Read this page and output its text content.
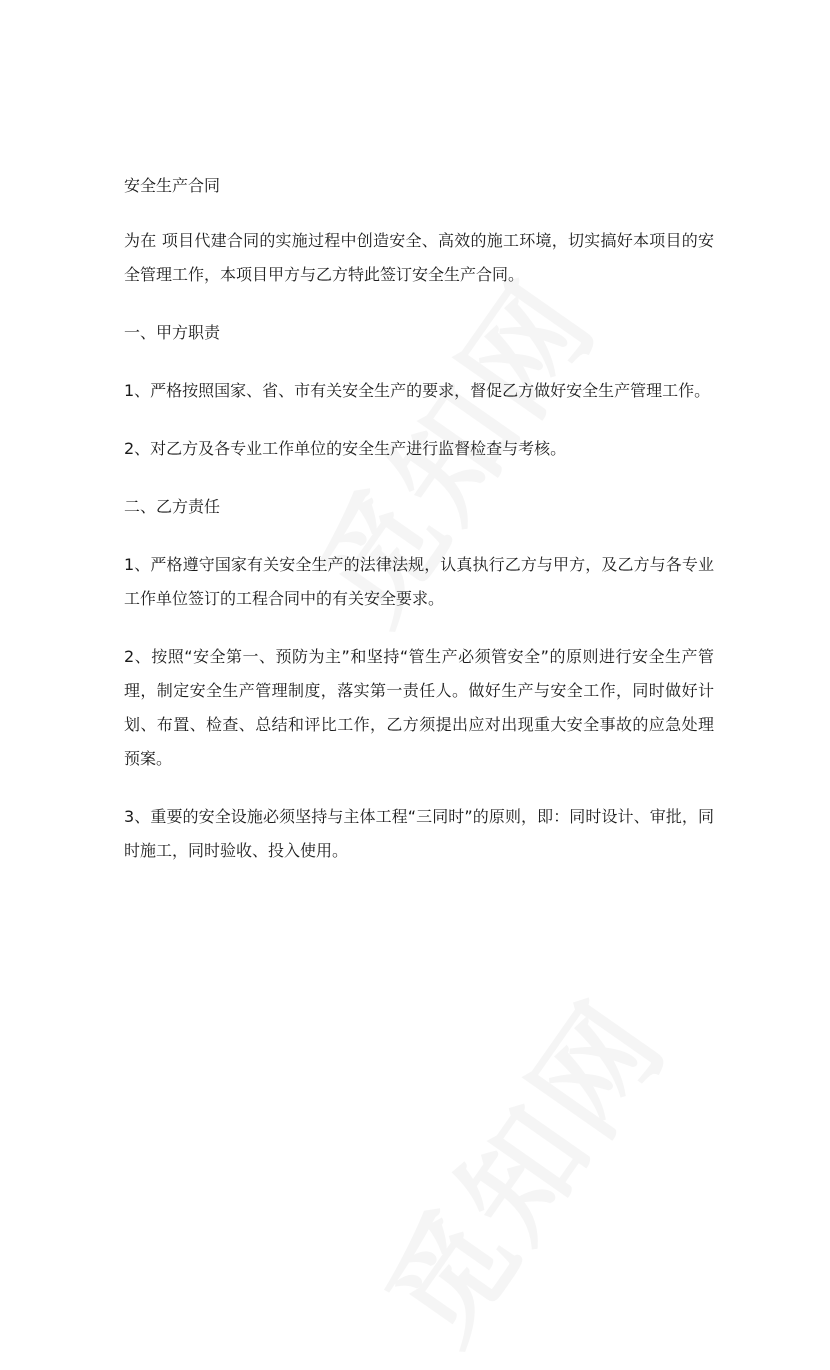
安全生产合同

为在 项目代建合同的实施过程中创造安全、高效的施工环境，切实搞好本项目的安全管理工作，本项目甲方与乙方特此签订安全生产合同。

一、甲方职责

1、严格按照国家、省、市有关安全生产的要求，督促乙方做好安全生产管理工作。

2、对乙方及各专业工作单位的安全生产进行监督检查与考核。

二、乙方责任

1、严格遵守国家有关安全生产的法律法规，认真执行乙方与甲方，及乙方与各专业工作单位签订的工程合同中的有关安全要求。

2、按照“安全第一、预防为主”和坚持“管生产必须管安全”的原则进行安全生产管理，制定安全生产管理制度，落实第一责任人。做好生产与安全工作，同时做好计划、布置、检查、总结和评比工作，乙方须提出应对出现重大安全事故的应急处理预案。

3、重要的安全设施必须坚持与主体工程“三同时”的原则，即：同时设计、审批，同时施工，同时验收、投入使用。
